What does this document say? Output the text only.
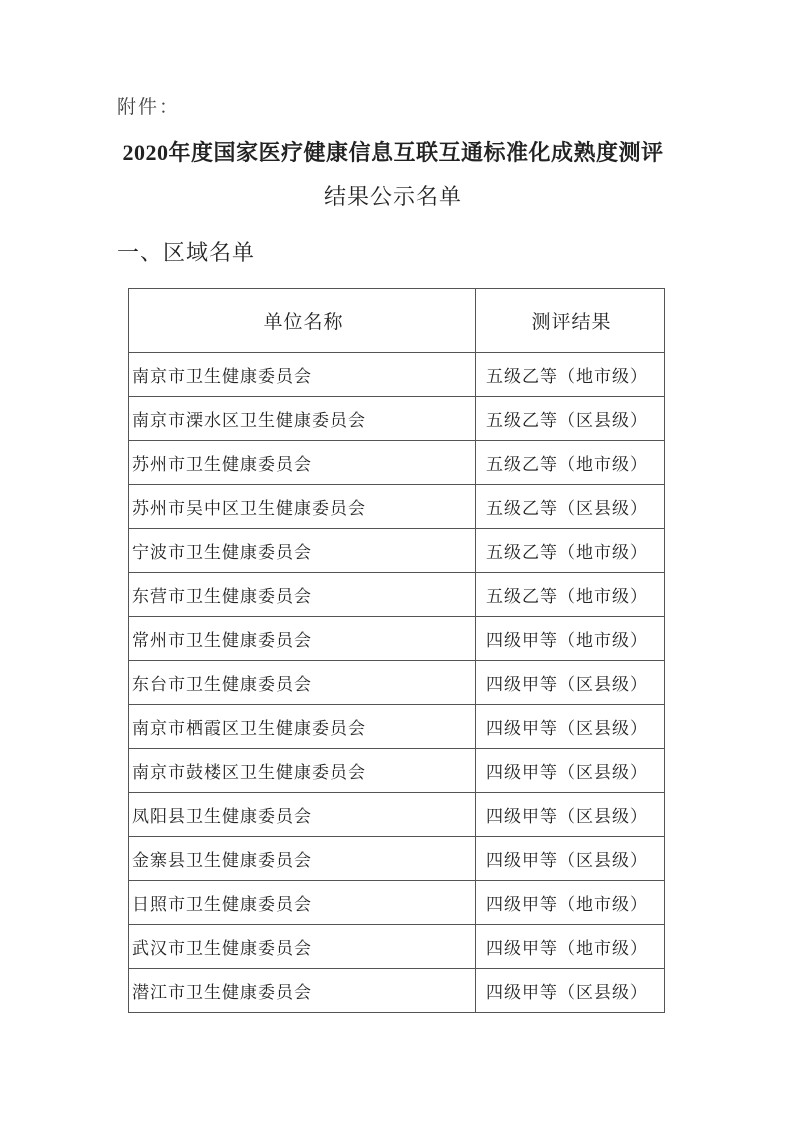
附件：
2020年度国家医疗健康信息互联互通标准化成熟度测评
结果公示名单
一、区域名单
单位名称	测评结果
南京市卫生健康委员会	五级乙等（地市级）
南京市溧水区卫生健康委员会	五级乙等（区县级）
苏州市卫生健康委员会	五级乙等（地市级）
苏州市吴中区卫生健康委员会	五级乙等（区县级）
宁波市卫生健康委员会	五级乙等（地市级）
东营市卫生健康委员会	五级乙等（地市级）
常州市卫生健康委员会	四级甲等（地市级）
东台市卫生健康委员会	四级甲等（区县级）
南京市栖霞区卫生健康委员会	四级甲等（区县级）
南京市鼓楼区卫生健康委员会	四级甲等（区县级）
凤阳县卫生健康委员会	四级甲等（区县级）
金寨县卫生健康委员会	四级甲等（区县级）
日照市卫生健康委员会	四级甲等（地市级）
武汉市卫生健康委员会	四级甲等（地市级）
潜江市卫生健康委员会	四级甲等（区县级）
